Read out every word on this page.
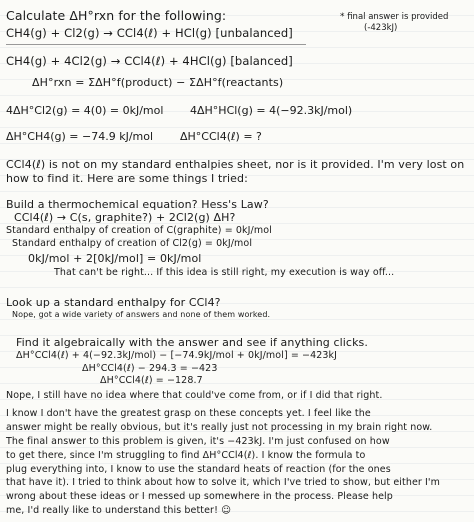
* final answer is provided
(-423kJ)
Calculate ΔH°rxn for the following:
CH4(g) + Cl2(g) → CCl4(ℓ) + HCl(g) [unbalanced]
CH4(g) + 4Cl2(g) → CCl4(ℓ) + 4HCl(g) [balanced]
ΔH°rxn = ΣΔH°f(product) − ΣΔH°f(reactants)
4ΔH°Cl2(g) = 4(0) = 0kJ/mol 4ΔH°HCl(g) = 4(−92.3kJ/mol)
ΔH°CH4(g) = −74.9 kJ/mol ΔH°CCl4(ℓ) = ?
CCl4(ℓ) is not on my standard enthalpies sheet, nor is it provided. I'm very lost on
how to find it. Here are some things I tried:
Build a thermochemical equation? Hess's Law?
CCl4(ℓ) → C(s, graphite?) + 2Cl2(g) ΔH?
Standard enthalpy of creation of C(graphite) = 0kJ/mol
Standard enthalpy of creation of Cl2(g) = 0kJ/mol
0kJ/mol + 2[0kJ/mol] = 0kJ/mol
That can't be right... If this idea is still right, my execution is way off...
Look up a standard enthalpy for CCl4?
Nope, got a wide variety of answers and none of them worked.
Find it algebraically with the answer and see if anything clicks.
ΔH°CCl4(ℓ) + 4(−92.3kJ/mol) − [−74.9kJ/mol + 0kJ/mol] = −423kJ
ΔH°CCl4(ℓ) − 294.3 = −423
ΔH°CCl4(ℓ) = −128.7
Nope, I still have no idea where that could've come from, or if I did that right.
I know I don't have the greatest grasp on these concepts yet. I feel like the
answer might be really obvious, but it's really just not processing in my brain right now.
The final answer to this problem is given, it's −423kJ. I'm just confused on how
to get there, since I'm struggling to find ΔH°CCl4(ℓ). I know the formula to
plug everything into, I know to use the standard heats of reaction (for the ones
that have it). I tried to think about how to solve it, which I've tried to show, but either I'm
wrong about these ideas or I messed up somewhere in the process. Please help
me, I'd really like to understand this better! ☺
